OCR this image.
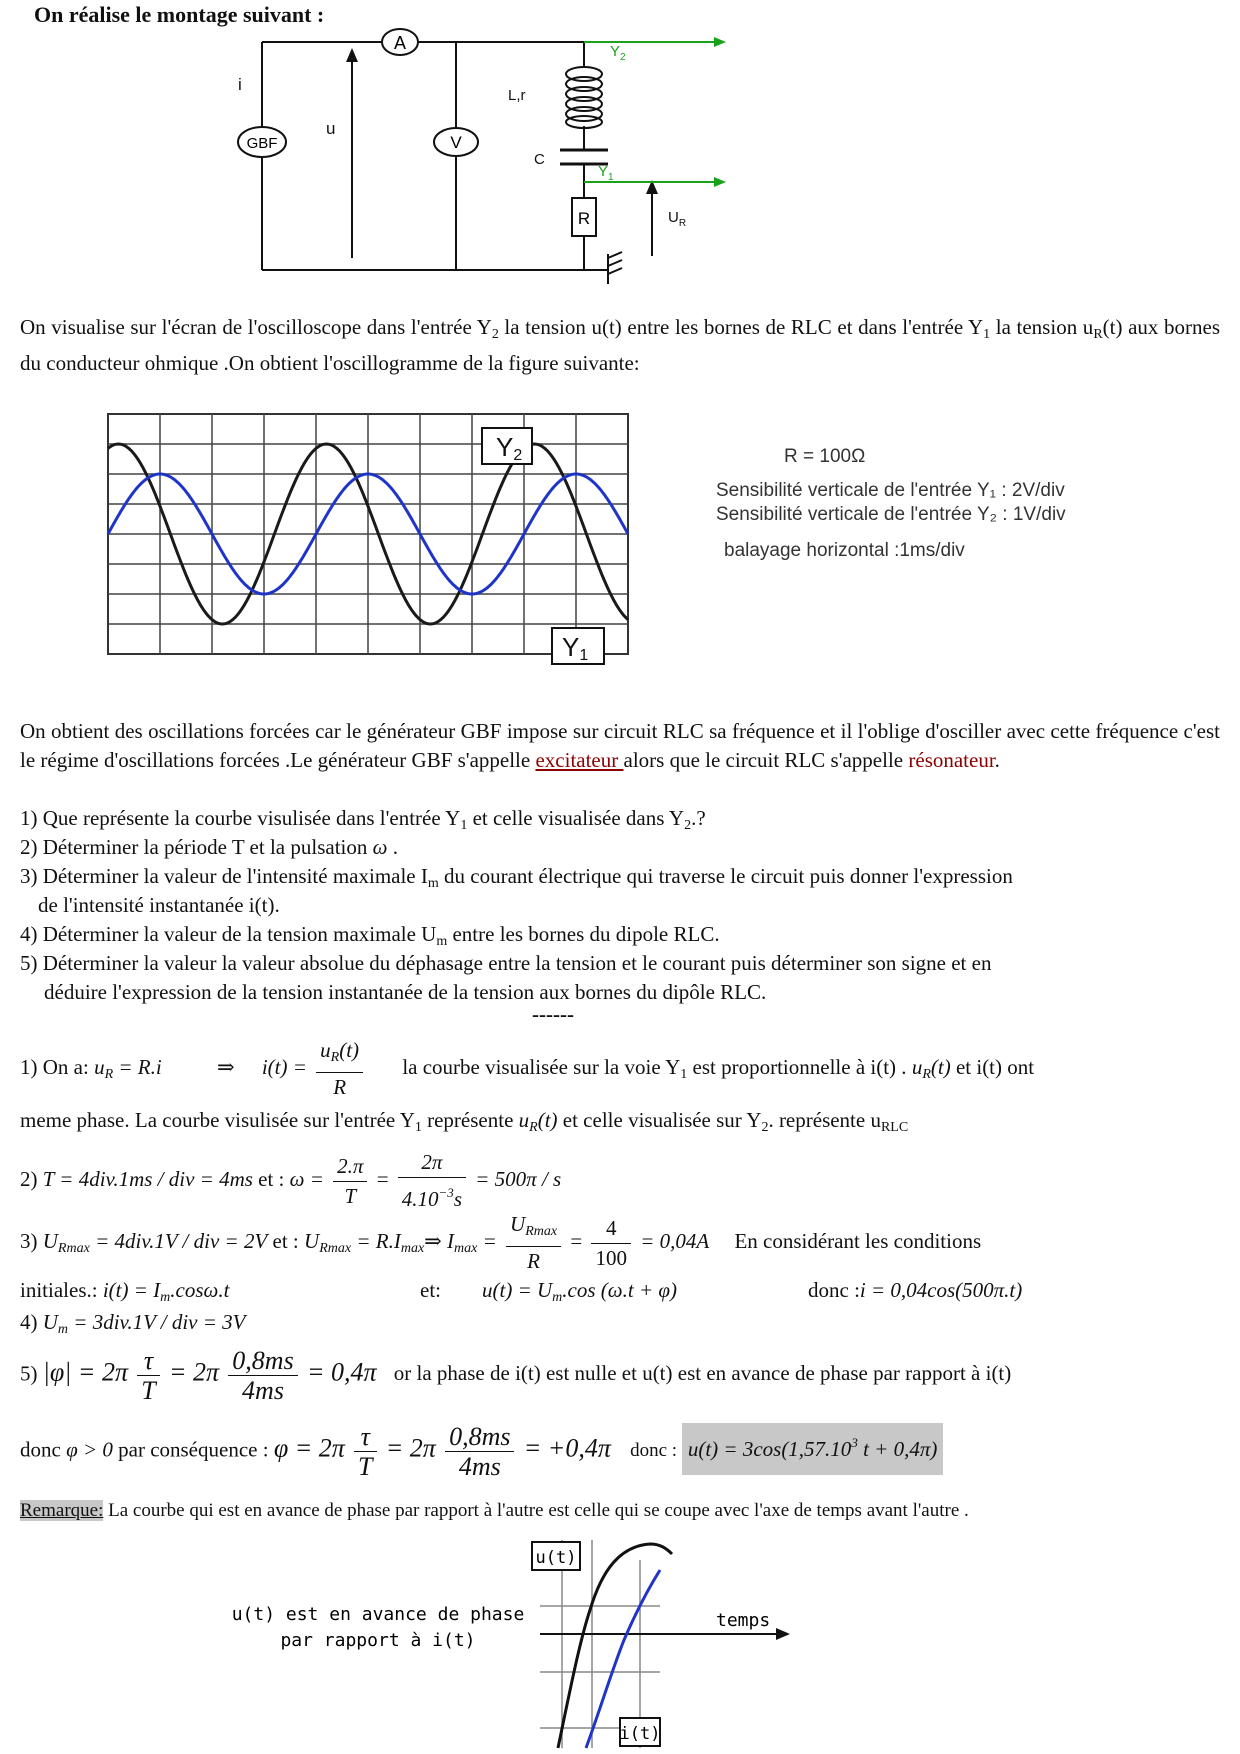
On réalise le montage suivant :
A
GBF	V
R
i
u
L,r
C
$Y_2$
$Y_1$
$U_R$
On visualise sur l'écran de l'oscilloscope dans l'entrée $Y_2$ la tension u(t) entre les bornes de RLC et dans l'entrée $Y_1$ la tension $u_R(t)$ aux bornes du conducteur ohmique .On obtient l'oscillogramme de la figure suivante:
Y2
Y1
R = 100Ω
Sensibilité verticale de l'entrée Y₁ : 2V/div
Sensibilité verticale de l'entrée Y₂ : 1V/div
balayage horizontal :1ms/div
On obtient des oscillations forcées car le générateur GBF impose sur circuit RLC sa fréquence et il l'oblige d'osciller avec cette fréquence c'est le régime d'oscillations forcées .Le générateur GBF s'appelle excitateur alors que le circuit RLC s'appelle résonateur.
1) Que représente la courbe visulisée dans l'entrée $Y_1$ et celle visualisée dans $Y_2$.?
2) Déterminer la période T et la pulsation ω .
3) Déterminer la valeur de l'intensité maximale $I_m$ du courant électrique qui traverse le circuit puis donner l'expression
de l'intensité instantanée i(t).
4) Déterminer la valeur de la tension maximale $U_m$ entre les bornes du dipole RLC.
5) Déterminer la valeur la valeur absolue du déphasage entre la tension et le courant puis déterminer son signe et en
déduire l'expression de la tension instantanée de la tension aux bornes du dipôle RLC.
------
1) On a: $u_R = R.i$	⇒ $i(t) = \frac{u_R(t)}{R}$ la courbe visualisée sur la voie $Y_1$ est proportionnelle à i(t) . $u_R(t)$ et i(t) ont
meme phase. La courbe visulisée sur l'entrée $Y_1$ représente $u_R(t)$ et celle visualisée sur $Y_2$. représente $u_{RLC}$
2) T = 4div.1ms / div = 4ms et : $\omega = \frac{2.\pi}{T} = \frac{2\pi}{4.10^{-3}s} = 500\pi / s$
3) $U_{Rmax} = 4div.1V$ / div = 2V et : $U_{Rmax}$ = $R.I_{max}\Rightarrow$ $I_{max} = \frac{U_{Rmax}}{R} = \frac{4}{100} = 0,04A$ En considérant les conditions
initiales.: $i(t) = I_m.\cos\omega.t$	et: $u(t) = U_m.\cos$ (ω.t + φ)	donc :i = 0,04cos(500π.t)
4) $U_m = 3div.1V$ / div = 3V
5) $|\varphi| = 2\pi \frac{\tau}{T} = 2\pi \frac{0,8ms}{4ms} = 0,4\pi$ or la phase de i(t) est nulle et u(t) est en avance de phase par rapport à i(t)
donc φ > 0 par conséquence : $\varphi = 2\pi \frac{\tau}{T} = 2\pi \frac{0,8ms}{4ms} = +0,4\pi$ donc : $u(t) = 3\cos(1,57.10^3$ t + 0,4π)
Remarque: La courbe qui est en avance de phase par rapport à l'autre est celle qui se coupe avec l'axe de temps avant l'autre .
u(t)
i(t)
temps
u(t) est en avance de phase
par rapport à i(t)
